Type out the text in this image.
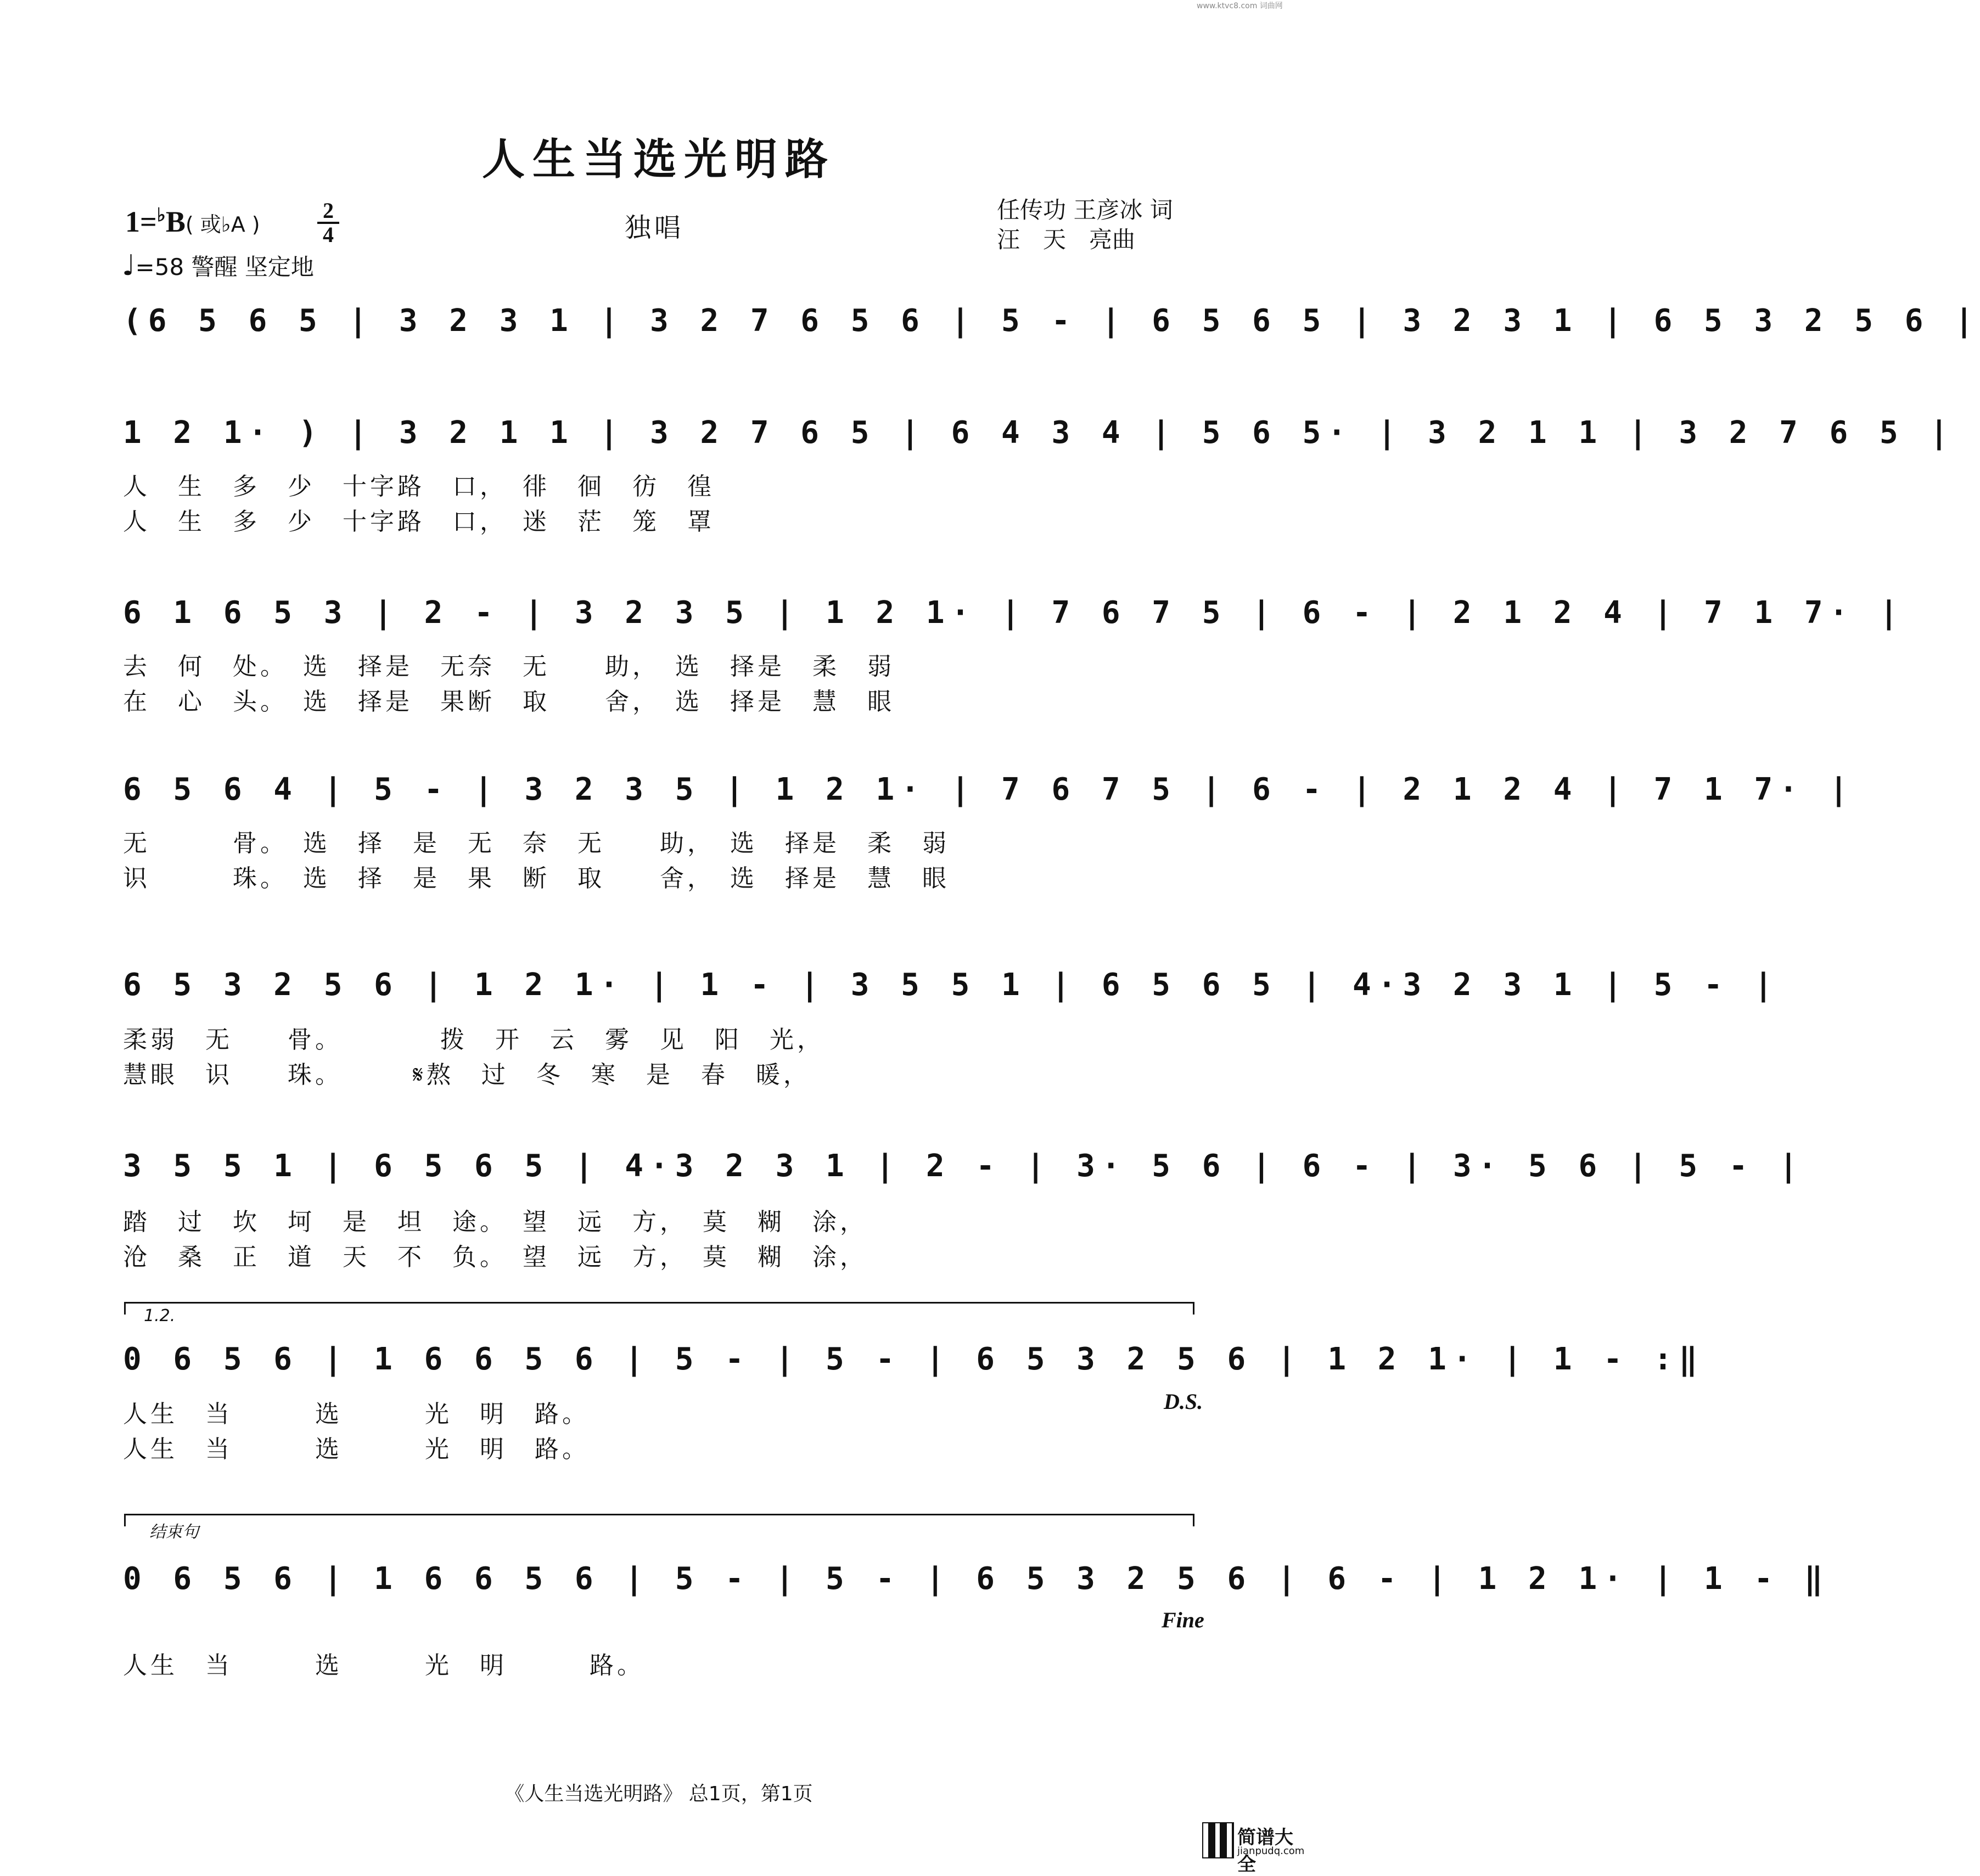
www.ktvc8.com 词曲网
人生当选光明路
1=♭B( 或♭A )
2
4
♩=58 警醒 坚定地
独唱
任传功 王彦冰 词
汪　天　亮曲
(6 5 6 5 | 3 2 3 1 | 3 2 7 6 5 6 | 5 - | 6 5 6 5 | 3 2 3 1 | 6 5 3 2 5 6 |
1 2 1· ) | 3 2 1 1 | 3 2 7 6 5 | 6 4 3 4 | 5 6 5· | 3 2 1 1 | 3 2 7 6 5 |
人　生　多　少　十字路　口，　徘　徊　彷　徨
人　生　多　少　十字路　口，　迷　茫　笼　罩
6 1 6 5 3 | 2 - | 3 2 3 5 | 1 2 1· | 7 6 7 5 | 6 - | 2 1 2 4 | 7 1 7· |
去　何　处。　选　择是　无奈　无　　助，　选　择是　柔　弱
在　心　头。　选　择是　果断　取　　舍，　选　择是　慧　眼
6 5 6 4 | 5 - | 3 2 3 5 | 1 2 1· | 7 6 7 5 | 6 - | 2 1 2 4 | 7 1 7· |
无　　　骨。　选　择　是　无　奈　无　　助，　选　择是　柔　弱
识　　　珠。　选　择　是　果　断　取　　舍，　选　择是　慧　眼
6 5 3 2 5 6 | 1 2 1· | 1 - | 3 5 5 1 | 6 5 6 5 | 4·3 2 3 1 | 5 - |
柔弱　无　　骨。　　　　拨　开　云　雾　见　阳　光，
慧眼　识　　珠。　　　𝄋熬　过　冬　寒　是　春　暖，
3 5 5 1 | 6 5 6 5 | 4·3 2 3 1 | 2 - | 3· 5 6 | 6 - | 3· 5 6 | 5 - |
踏　过　坎　坷　是　坦　途。　望　远　方，　莫　糊　涂，
沧　桑　正　道　天　不　负。　望　远　方，　莫　糊　涂，
1.2.
0 6 5 6 | 1 6 6 5 6 | 5 - | 5 - | 6 5 3 2 5 6 | 1 2 1· | 1 - :‖
人生　当　　　选　　　光　明　路。
人生　当　　　选　　　光　明　路。
D.S.
结束句
0 6 5 6 | 1 6 6 5 6 | 5 - | 5 - | 6 5 3 2 5 6 | 6 - | 1 2 1· | 1 - ‖
人生　当　　　选　　　光　明　　　路。
Fine
《人生当选光明路》 总1页，第1页
简谱大全
jianpudq.com
